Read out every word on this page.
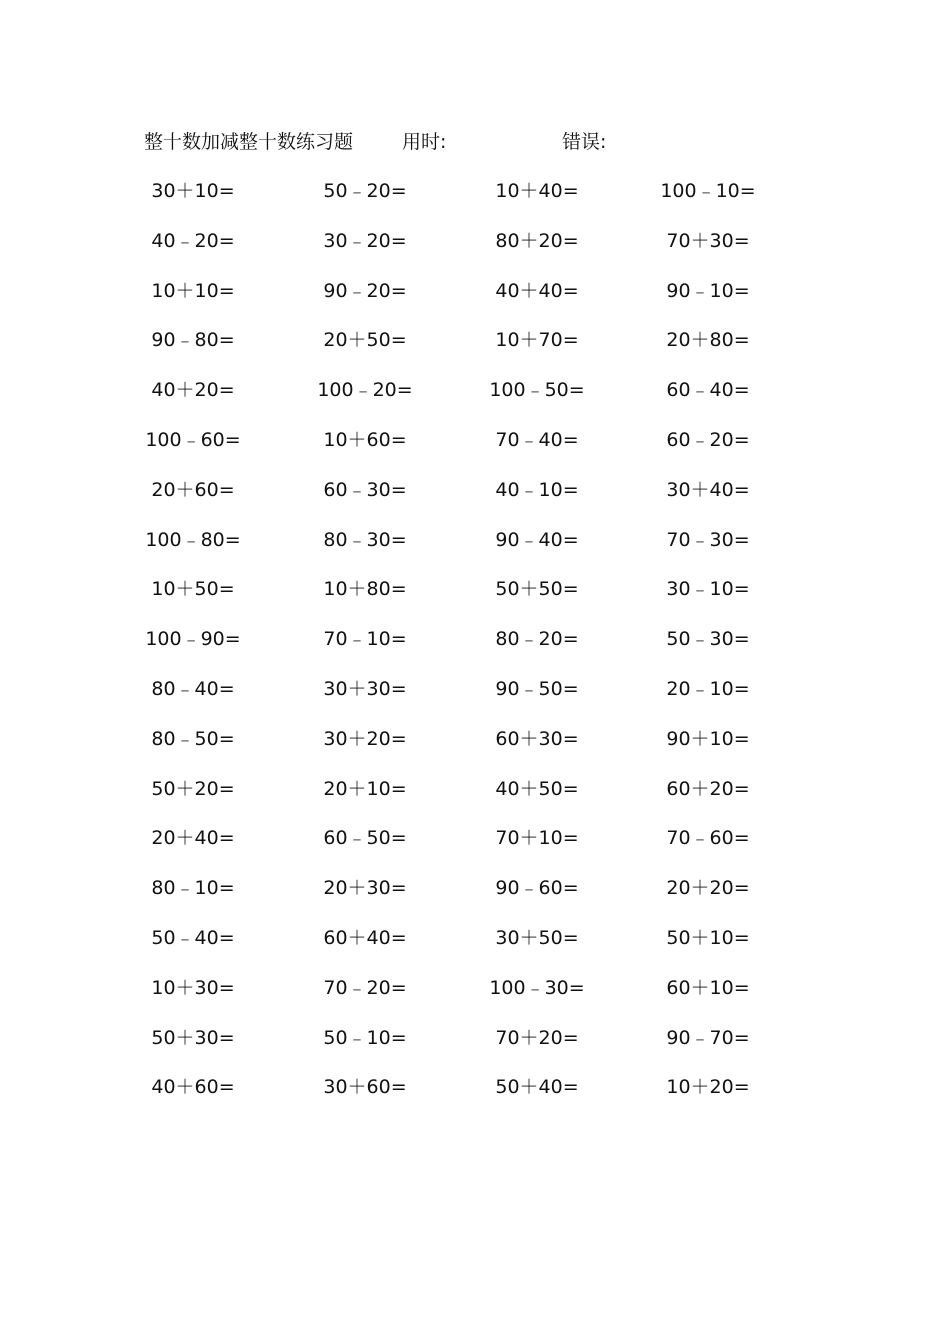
整十数加减整十数练习题	用时:	错误:
30＋10=	50﹣20=	10＋40=	100﹣10=
40﹣20=	30﹣20=	80＋20=	70＋30=
10＋10=	90﹣20=	40＋40=	90﹣10=
90﹣80=	20＋50=	10＋70=	20＋80=
40＋20=	100﹣20=	100﹣50=	60﹣40=
100﹣60=	10＋60=	70﹣40=	60﹣20=
20＋60=	60﹣30=	40﹣10=	30＋40=
100﹣80=	80﹣30=	90﹣40=	70﹣30=
10＋50=	10＋80=	50＋50=	30﹣10=
100﹣90=	70﹣10=	80﹣20=	50﹣30=
80﹣40=	30＋30=	90﹣50=	20﹣10=
80﹣50=	30＋20=	60＋30=	90＋10=
50＋20=	20＋10=	40＋50=	60＋20=
20＋40=	60﹣50=	70＋10=	70﹣60=
80﹣10=	20＋30=	90﹣60=	20＋20=
50﹣40=	60＋40=	30＋50=	50＋10=
10＋30=	70﹣20=	100﹣30=	60＋10=
50＋30=	50﹣10=	70＋20=	90﹣70=
40＋60=	30＋60=	50＋40=	10＋20=
